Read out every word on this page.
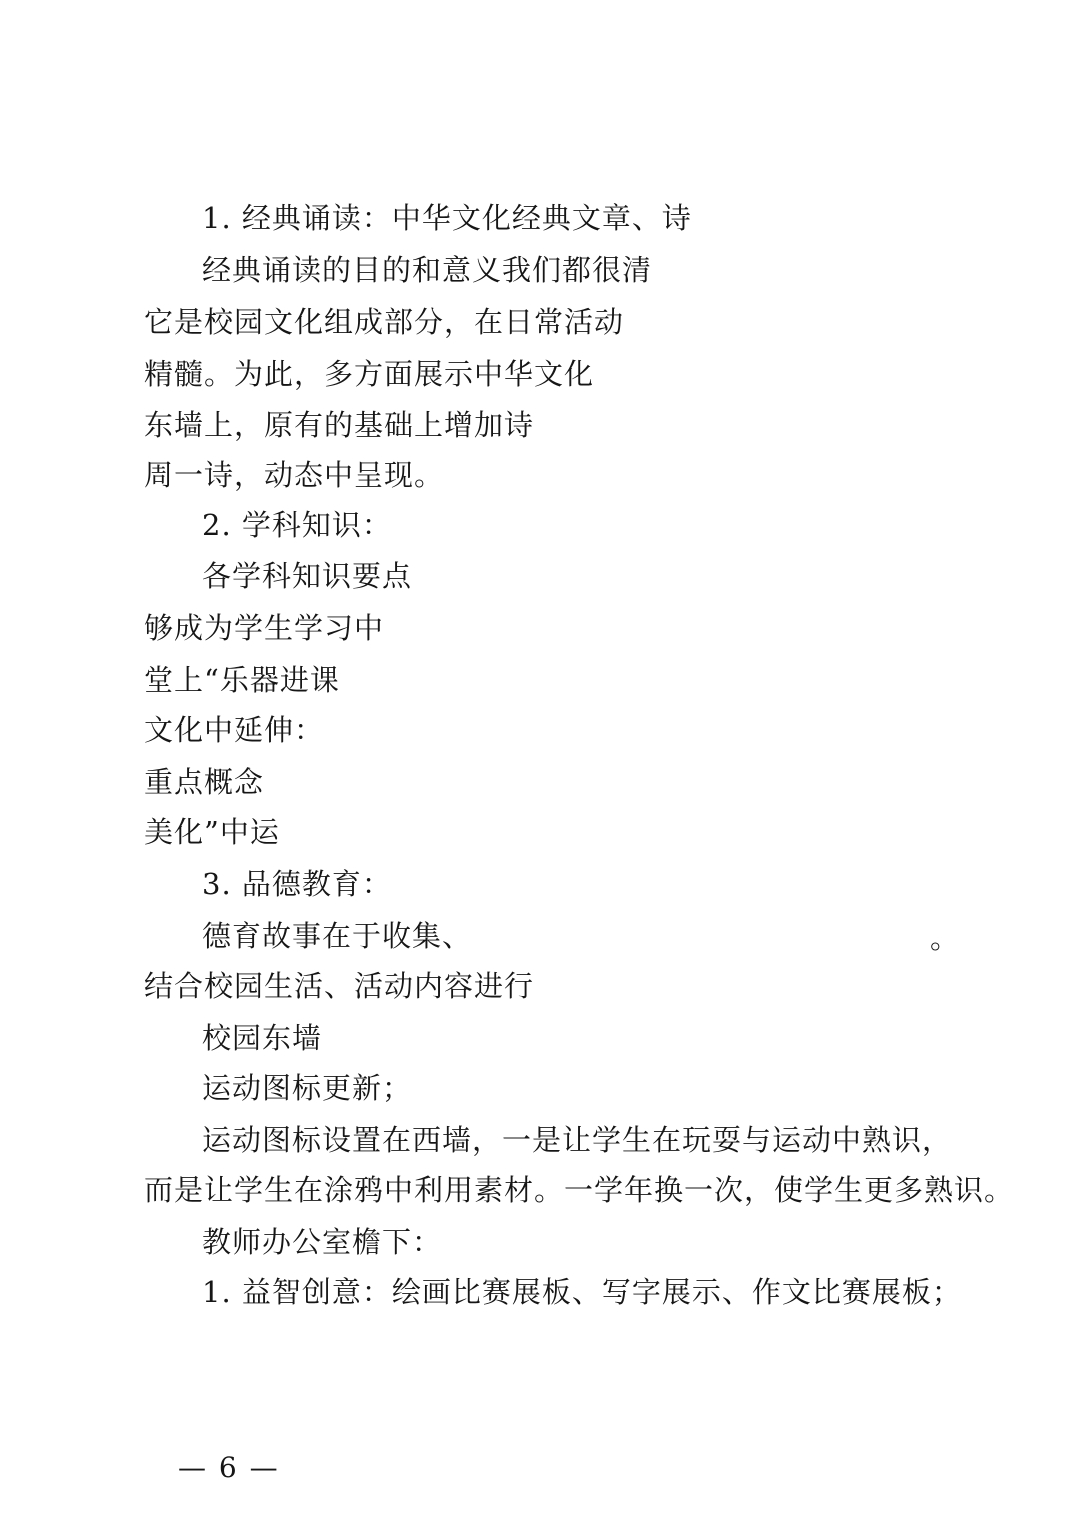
1. 经典诵读：中华文化经典文章、诗
经典诵读的目的和意义我们都很清
它是校园文化组成部分，在日常活动
精髓。为此，多方面展示中华文化
东墙上，原有的基础上增加诗
周一诗，动态中呈现。
2. 学科知识：
各学科知识要点
够成为学生学习中
堂上“乐器进课
文化中延伸：
重点概念
美化”中运
3. 品德教育：
德育故事在于收集、	。
结合校园生活、活动内容进行
校园东墙
运动图标更新；
运动图标设置在西墙，一是让学生在玩耍与运动中熟识，
而是让学生在涂鸦中利用素材。一学年换一次，使学生更多熟识。
教师办公室檐下：
1. 益智创意：绘画比赛展板、写字展示、作文比赛展板；
— 6 —
